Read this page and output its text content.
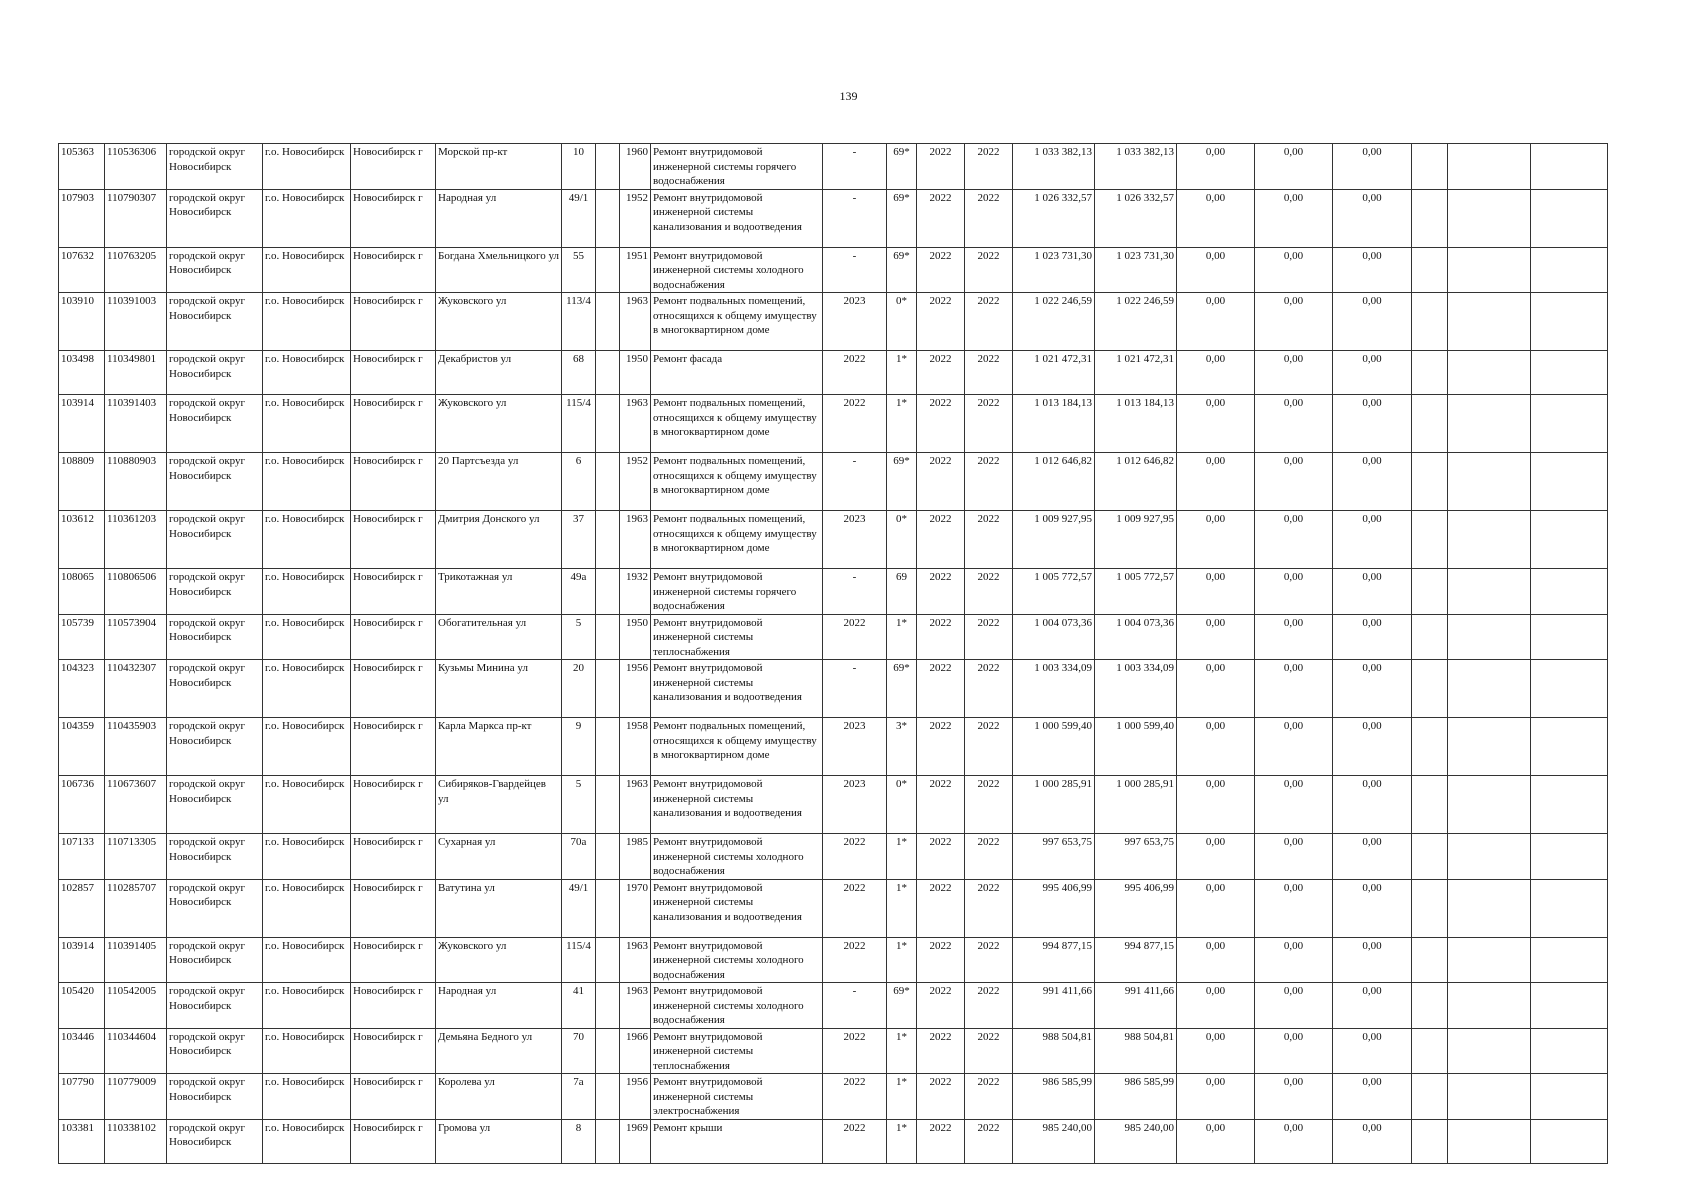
139
105363	110536306	городской округ Новосибирск	г.о. Новосибирск	Новосибирск г	Морской пр-кт	10		1960	Ремонт внутридомовой инженерной системы горячего водоснабжения	-	69*	2022	2022	1 033 382,13	1 033 382,13	0,00	0,00	0,00			
107903	110790307	городской округ Новосибирск	г.о. Новосибирск	Новосибирск г	Народная ул	49/1		1952	Ремонт внутридомовой инженерной системы канализования и водоотведения	-	69*	2022	2022	1 026 332,57	1 026 332,57	0,00	0,00	0,00			
107632	110763205	городской округ Новосибирск	г.о. Новосибирск	Новосибирск г	Богдана Хмельницкого ул	55		1951	Ремонт внутридомовой инженерной системы холодного водоснабжения	-	69*	2022	2022	1 023 731,30	1 023 731,30	0,00	0,00	0,00			
103910	110391003	городской округ Новосибирск	г.о. Новосибирск	Новосибирск г	Жуковского ул	113/4		1963	Ремонт подвальных помещений, относящихся к общему имуществу в многоквартирном доме	2023	0*	2022	2022	1 022 246,59	1 022 246,59	0,00	0,00	0,00			
103498	110349801	городской округ Новосибирск	г.о. Новосибирск	Новосибирск г	Декабристов ул	68		1950	Ремонт фасада	2022	1*	2022	2022	1 021 472,31	1 021 472,31	0,00	0,00	0,00			
103914	110391403	городской округ Новосибирск	г.о. Новосибирск	Новосибирск г	Жуковского ул	115/4		1963	Ремонт подвальных помещений, относящихся к общему имуществу в многоквартирном доме	2022	1*	2022	2022	1 013 184,13	1 013 184,13	0,00	0,00	0,00			
108809	110880903	городской округ Новосибирск	г.о. Новосибирск	Новосибирск г	20 Партсъезда ул	6		1952	Ремонт подвальных помещений, относящихся к общему имуществу в многоквартирном доме	-	69*	2022	2022	1 012 646,82	1 012 646,82	0,00	0,00	0,00			
103612	110361203	городской округ Новосибирск	г.о. Новосибирск	Новосибирск г	Дмитрия Донского ул	37		1963	Ремонт подвальных помещений, относящихся к общему имуществу в многоквартирном доме	2023	0*	2022	2022	1 009 927,95	1 009 927,95	0,00	0,00	0,00			
108065	110806506	городской округ Новосибирск	г.о. Новосибирск	Новосибирск г	Трикотажная ул	49а		1932	Ремонт внутридомовой инженерной системы горячего водоснабжения	-	69	2022	2022	1 005 772,57	1 005 772,57	0,00	0,00	0,00			
105739	110573904	городской округ Новосибирск	г.о. Новосибирск	Новосибирск г	Обогатительная ул	5		1950	Ремонт внутридомовой инженерной системы теплоснабжения	2022	1*	2022	2022	1 004 073,36	1 004 073,36	0,00	0,00	0,00			
104323	110432307	городской округ Новосибирск	г.о. Новосибирск	Новосибирск г	Кузьмы Минина ул	20		1956	Ремонт внутридомовой инженерной системы канализования и водоотведения	-	69*	2022	2022	1 003 334,09	1 003 334,09	0,00	0,00	0,00			
104359	110435903	городской округ Новосибирск	г.о. Новосибирск	Новосибирск г	Карла Маркса пр-кт	9		1958	Ремонт подвальных помещений, относящихся к общему имуществу в многоквартирном доме	2023	3*	2022	2022	1 000 599,40	1 000 599,40	0,00	0,00	0,00			
106736	110673607	городской округ Новосибирск	г.о. Новосибирск	Новосибирск г	Сибиряков-Гвардейцев ул	5		1963	Ремонт внутридомовой инженерной системы канализования и водоотведения	2023	0*	2022	2022	1 000 285,91	1 000 285,91	0,00	0,00	0,00			
107133	110713305	городской округ Новосибирск	г.о. Новосибирск	Новосибирск г	Сухарная ул	70а		1985	Ремонт внутридомовой инженерной системы холодного водоснабжения	2022	1*	2022	2022	997 653,75	997 653,75	0,00	0,00	0,00			
102857	110285707	городской округ Новосибирск	г.о. Новосибирск	Новосибирск г	Ватутина ул	49/1		1970	Ремонт внутридомовой инженерной системы канализования и водоотведения	2022	1*	2022	2022	995 406,99	995 406,99	0,00	0,00	0,00			
103914	110391405	городской округ Новосибирск	г.о. Новосибирск	Новосибирск г	Жуковского ул	115/4		1963	Ремонт внутридомовой инженерной системы холодного водоснабжения	2022	1*	2022	2022	994 877,15	994 877,15	0,00	0,00	0,00			
105420	110542005	городской округ Новосибирск	г.о. Новосибирск	Новосибирск г	Народная ул	41		1963	Ремонт внутридомовой инженерной системы холодного водоснабжения	-	69*	2022	2022	991 411,66	991 411,66	0,00	0,00	0,00			
103446	110344604	городской округ Новосибирск	г.о. Новосибирск	Новосибирск г	Демьяна Бедного ул	70		1966	Ремонт внутридомовой инженерной системы теплоснабжения	2022	1*	2022	2022	988 504,81	988 504,81	0,00	0,00	0,00			
107790	110779009	городской округ Новосибирск	г.о. Новосибирск	Новосибирск г	Королева ул	7а		1956	Ремонт внутридомовой инженерной системы электроснабжения	2022	1*	2022	2022	986 585,99	986 585,99	0,00	0,00	0,00			
103381	110338102	городской округ Новосибирск	г.о. Новосибирск	Новосибирск г	Громова ул	8		1969	Ремонт крыши	2022	1*	2022	2022	985 240,00	985 240,00	0,00	0,00	0,00			
